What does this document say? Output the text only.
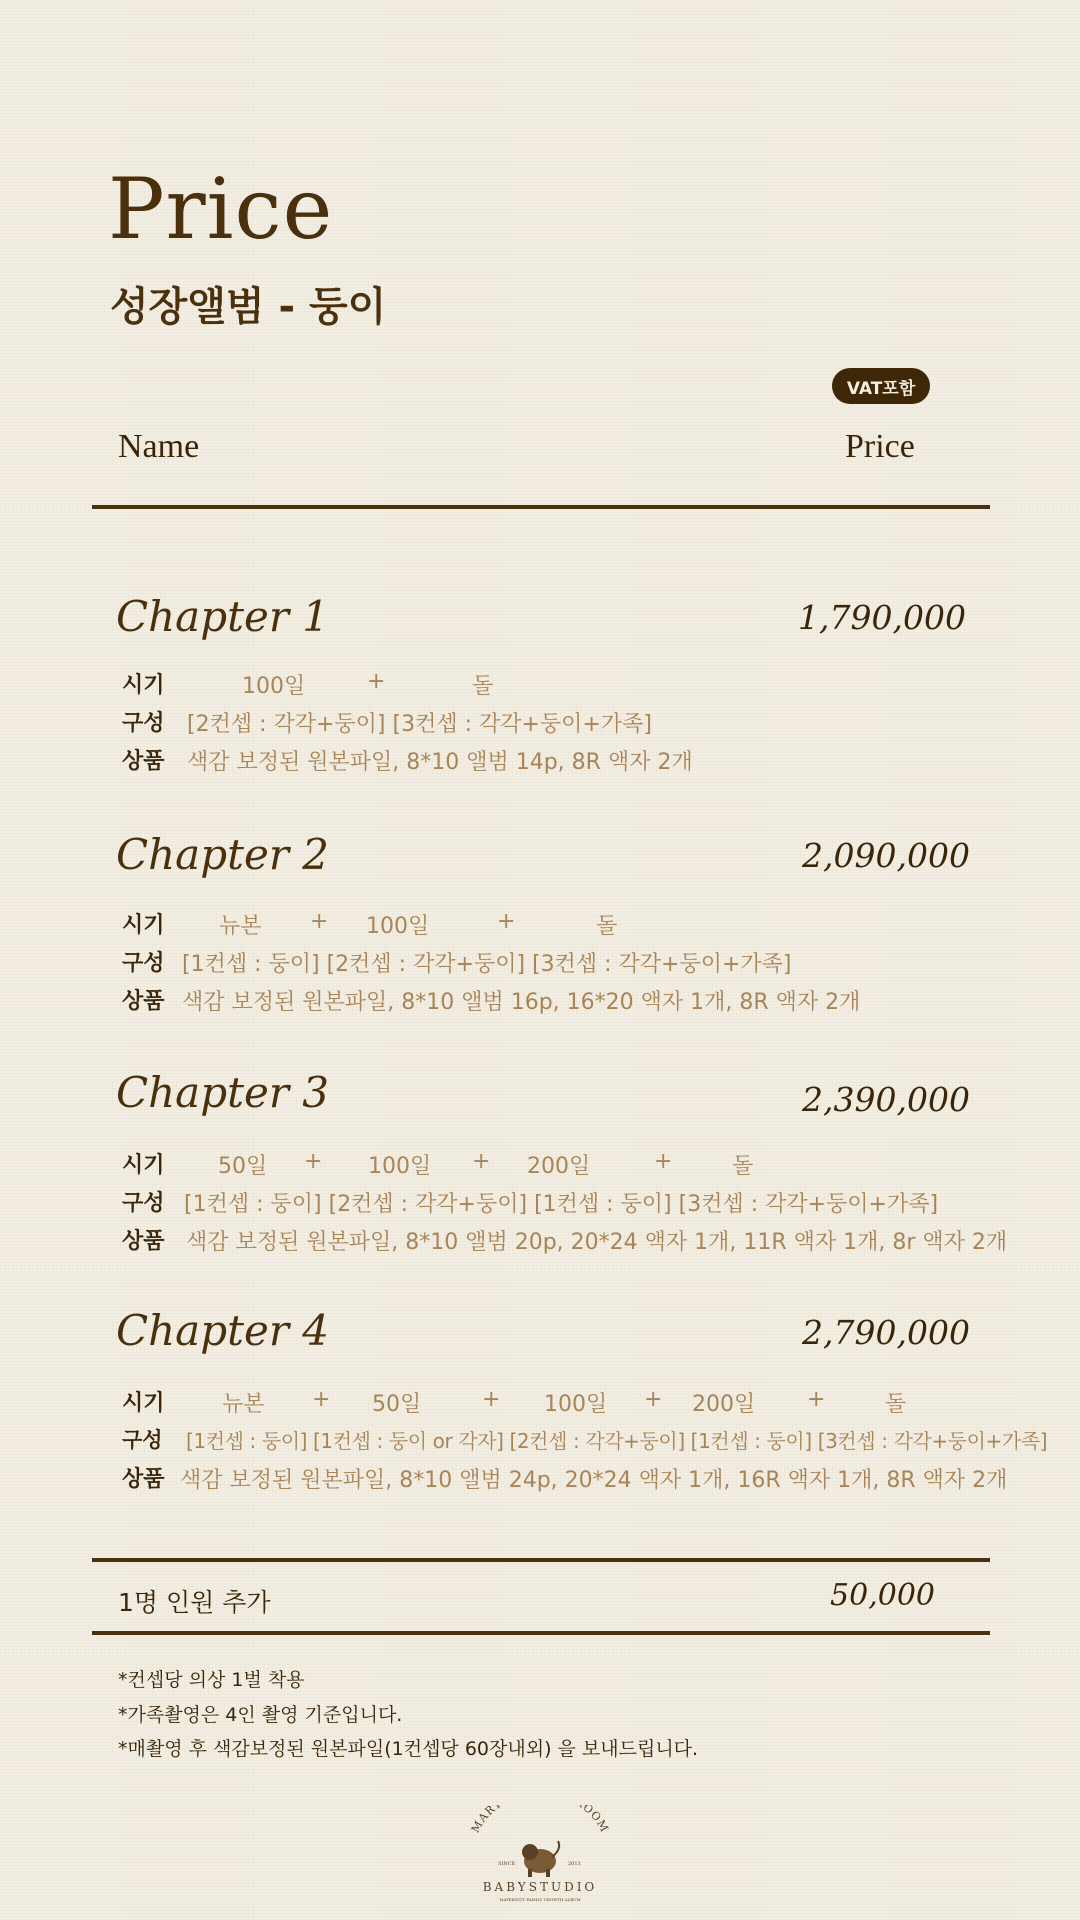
Price
성장앨범 - 둥이
VAT포함
Name	Price
Chapter 1	1,790,000
시기	100일	+	돌
구성 [2컨셉 : 각각+둥이] [3컨셉 : 각각+둥이+가족]
상품 색감 보정된 원본파일, 8*10 앨범 14p, 8R 액자 2개
Chapter 2	2,090,000
시기 뉴본 + 100일	+	돌
구성 [1컨셉 : 둥이] [2컨셉 : 각각+둥이] [3컨셉 : 각각+둥이+가족]
상품 색감 보정된 원본파일, 8*10 앨범 16p, 16*20 액자 1개, 8R 액자 2개
Chapter 3	2,390,000
시기 50일 + 100일 + 200일	+	돌
구성 [1컨셉 : 둥이] [2컨셉 : 각각+둥이] [1컨셉 : 둥이] [3컨셉 : 각각+둥이+가족]
상품 색감 보정된 원본파일, 8*10 앨범 20p, 20*24 액자 1개, 11R 액자 1개, 8r 액자 2개
Chapter 4	2,790,000
시기	뉴본 + 50일	+ 100일 + 200일 +	돌
구성 [1컨셉 : 둥이] [1컨셉 : 둥이 or 각자] [2컨셉 : 각각+둥이] [1컨셉 : 둥이] [3컨셉 : 각각+둥이+가족]
상품 색감 보정된 원본파일, 8*10 앨범 24p, 20*24 액자 1개, 16R 액자 1개, 8R 액자 2개
1명 인원 추가	50,000
*컨셉당 의상 1벌 착용
*가족촬영은 4인 촬영 기준입니다.
*매촬영 후 색감보정된 원본파일(1컨셉당 60장내외) 을 보내드립니다.
MAR OOM
SINCE	2013
BABYSTUDIO
MATERNITY FAMILY GROWTH ALBUM
